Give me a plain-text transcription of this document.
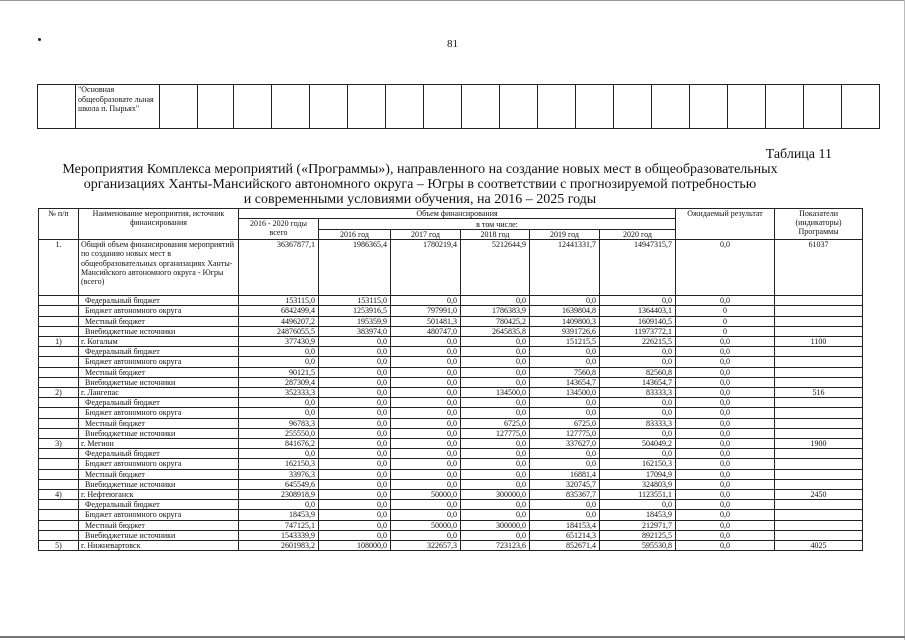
81
	"Основная общеобразовате льная школа п. Пырьях"																			
Таблица 11
Мероприятия Комплекса мероприятий («Программы»), направленного на создание новых мест в общеобразовательных
организациях Ханты-Мансийского автономного округа – Югры в соответствии с прогнозируемой потребностью
и современными условиями обучения, на 2016 – 2025 годы
№ п/п	Наименование мероприятия, источник финансирования	Объем финансирования						Ожидаемый результат	Показатели (индикаторы) Программы
		2016 - 2020 годы всего	в том числе:						
			2016 год	2017 год	2018 год	2019 год	2020 год		
1.	Общий объем финансирования мероприятий по созданию новых мест в общеобразовательных организациях Ханты-Мансийского автономного округа - Югры (всего)	36367877,1	1986365,4	1780219,4	5212644,9	12441331,7	14947315,7	0,0	61037
	Федеральный бюджет	153115,0	153115,0	0,0	0,0	0,0	0,0	0,0	
	Бюджет автономного округа	6842499,4	1253916,5	797991,0	1786383,9	1639804,8	1364403,1	0	
	Местный бюджет	4496207,2	195359,9	501481,3	780425,2	1409800,3	1609140,5	0	
	Внебюджетные источники	24876055,5	383974,0	480747,0	2645835,8	9391726,6	11973772,1	0	
1)	г. Когалым	377430,9	0,0	0,0	0,0	151215,5	226215,5	0,0	1100
	Федеральный бюджет	0,0	0,0	0,0	0,0	0,0	0,0	0,0	
	Бюджет автономного округа	0,0	0,0	0,0	0,0	0,0	0,0	0,0	
	Местный бюджет	90121,5	0,0	0,0	0,0	7560,8	82560,8	0,0	
	Внебюджетные источники	287309,4	0,0	0,0	0,0	143654,7	143654,7	0,0	
2)	г. Лангепас	352333,3	0,0	0,0	134500,0	134500,0	83333,3	0,0	516
	Федеральный бюджет	0,0	0,0	0,0	0,0	0,0	0,0	0,0	
	Бюджет автономного округа	0,0	0,0	0,0	0,0	0,0	0,0	0,0	
	Местный бюджет	96783,3	0,0	0,0	6725,0	6725,0	83333,3	0,0	
	Внебюджетные источники	255550,0	0,0	0,0	127775,0	127775,0	0,0	0,0	
3)	г. Мегион	841676,2	0,0	0,0	0,0	337627,0	504049,2	0,0	1900
	Федеральный бюджет	0,0	0,0	0,0	0,0	0,0	0,0	0,0	
	Бюджет автономного округа	162150,3	0,0	0,0	0,0	0,0	162150,3	0,0	
	Местный бюджет	33976,3	0,0	0,0	0,0	16881,4	17094,9	0,0	
	Внебюджетные источники	645549,6	0,0	0,0	0,0	320745,7	324803,9	0,0	
4)	г. Нефтеюганск	2308918,9	0,0	50000,0	300000,0	835367,7	1123551,1	0,0	2450
	Федеральный бюджет	0,0	0,0	0,0	0,0	0,0	0,0	0,0	
	Бюджет автономного округа	18453,9	0,0	0,0	0,0	0,0	18453,9	0,0	
	Местный бюджет	747125,1	0,0	50000,0	300000,0	184153,4	212971,7	0,0	
	Внебюджетные источники	1543339,9	0,0	0,0	0,0	651214,3	892125,5	0,0	
5)	г. Нижневартовск	2601983,2	108000,0	322657,3	723123,6	852671,4	595530,8	0,0	4025
